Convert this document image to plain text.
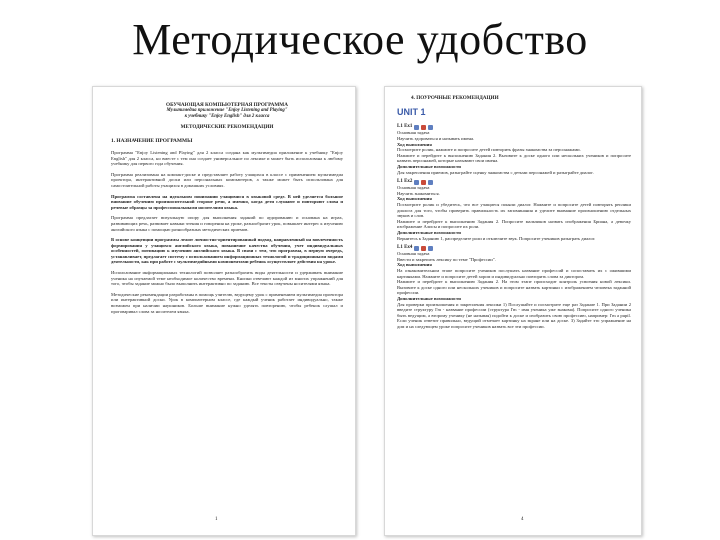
Методическое удобство
ОБУЧАЮЩАЯ КОМПЬЮТЕРНАЯ ПРОГРАММА
Мультимедиа приложение "Enjoy Listening and Playing"
к учебнику "Enjoy English" для 2 класса
МЕТОДИЧЕСКИЕ РЕКОМЕНДАЦИИ
1. НАЗНАЧЕНИЕ ПРОГРАММЫ
Программа "Enjoy Listening and Playing" для 2 класса создана как мультимедиа приложение к учебнику "Enjoy English" для 2 класса, но вместе с тем она создает универсальное по лексике и может быть использована к любому учебнику для первого года обучения.
Программа реализована на компакт-диске и представляет работу учащихся в классе с применением мультимедиа проектора, интерактивной доски или персональных компьютеров, а также может быть использована для самостоятельной работы учащихся в домашних условиях.
Программа составлена на идеальном понимании учащимися в языковой среде. В ней уделяется большое внимание обучению произносительной стороне речи, а именно, когда дети слушают и повторяют слова и речевые образцы за профессиональными носителями языка.
Программа предлагает визуальную опору для выполнения заданий по аудированию и основана на играх, развивающих речь, развивает навыки чтения и говорения на уроке, разнообразит урок, повышает интерес к изучению английского языка с помощью разнообразных методических приемов.
В основе концепции программы лежит личностно-ориентированный подход, направленный на вовлеченность формирования у учащихся английского языка, повышение качества обучения, учет индивидуальных особенностей, мотивацию к изучению английского языка. В связи с тем, что программа, в первую очередь, устанавливает, предлагает систему с использованием информационных технологий и традиционными видами деятельности, как при работе с мультимедийными компонентами ребенок осуществляет действия на уроке.
Использование информационных технологий позволяет разнообразить виды деятельности и удерживать внимание ученика на изучаемой теме необходимое количество времени. Кнопки отвечают каждой из многих упражнений для того, чтобы задание можно было выполнить интерактивно по заданию. Все тексты озвучены носителями языка.
Методические рекомендации разработаны в помощь учителю, ведущему урок с применением мультимедиа проектора или интерактивной доски. Урок в компьютерном классе, где каждый ученик работает индивидуально, также возможен при наличии наушников. Больше внимание нужно уделять повторению, чтобы ребенок слушал и проговаривал слова за носителем языка.
1
4. ПОУРОЧНЫЕ РЕКОМЕНДАЦИИ
UNIT 1
L1 Ex1
Основная задача
Научить здороваться и называть имена.
Ход выполнения
Посмотрите ролик, нажмите и попросите детей повторить фразы знакомства за персонажами.
Нажмите и перейдите к выполнению Задания 2. Вызовите к доске одного или нескольких учеников и попросите назвать персонажей, которые называют свои имена.
Дополнительные возможности
Для закрепления приемов, разыграйте сценку знакомства с детьми персонажей и разыграйте диалог.
L1 Ex2
Основная задача
Научить знакомиться.
Ход выполнения
Посмотрите ролик и убедитесь, что все учащиеся поняли диалог. Нажмите и попросите детей повторять реплики диалога для того, чтобы проверить правильность их запоминания и уделите внимание произношению отдельных звуков и слов.
Нажмите и перейдите к выполнению Задания 2. Попросите мальчиков назвать изображения Бриана, а девочку изображение Алисы и попросите их роли.
Дополнительные возможности
Вернитесь к Заданию 1, распределите роли и отключите звук. Попросите учеников разыграть диалог.
L1 Ex4
Основная задача
Ввести и закрепить лексику по теме "Профессии".
Ход выполнения
На ознакомительном этапе попросите учеников послушать название профессий и сопоставить их с ожившими картинками. Нажмите и попросите детей хором и индивидуально повторить слова за диктором.
Нажмите и перейдите к выполнению Задания 2. На этом этапе происходит контроль усвоения новой лексики. Вызовите к доске одного или нескольких учеников и попросите назвать картинки с изображением человека заданной профессии.
Дополнительные возможности
Для проверки произношения и закрепления лексики 1) Послушайте и посмотрите еще раз Задание 1. При Задании 2 введите структуру I'm - название профессии (структура I'm - имя ученика уже знакома). Попросите одного ученика быть ведущим, а второму ученику (не называя) подойти к доске и изобразить свою профессию, например: I'm a pupil. Если ученик ответит правильно, ведущий отмечает картинку на экране или на доске. 3) Задайте это упражнение на дом и на следующем уроке попросите учеников назвать все эти профессии.
4
